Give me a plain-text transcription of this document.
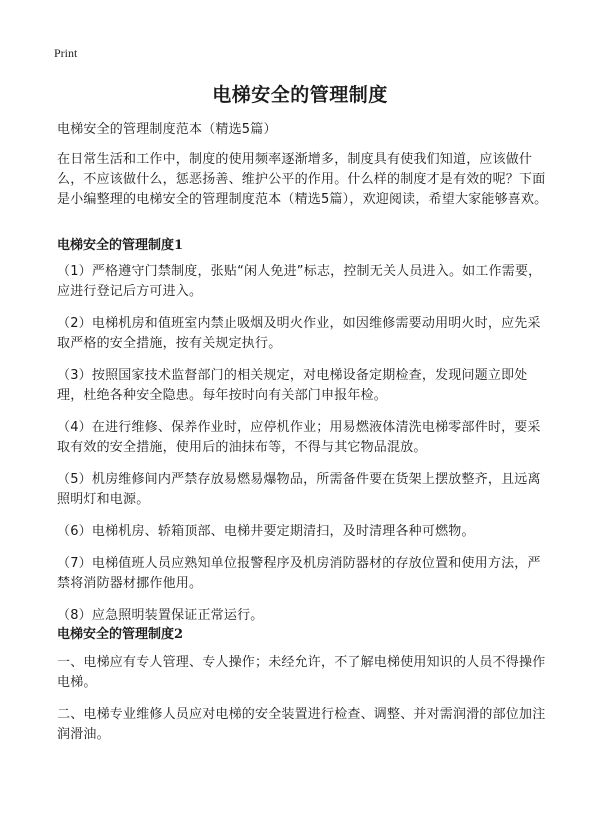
Print
电梯安全的管理制度
电梯安全的管理制度范本（精选5篇）
在日常生活和工作中，制度的使用频率逐渐增多，制度具有使我们知道，应该做什么，不应该做什么，惩恶扬善、维护公平的作用。什么样的制度才是有效的呢？下面是小编整理的电梯安全的管理制度范本（精选5篇），欢迎阅读，希望大家能够喜欢。
电梯安全的管理制度1
（1）严格遵守门禁制度，张贴“闲人免进”标志，控制无关人员进入。如工作需要，应进行登记后方可进入。
（2）电梯机房和值班室内禁止吸烟及明火作业，如因维修需要动用明火时，应先采取严格的安全措施，按有关规定执行。
（3）按照国家技术监督部门的相关规定，对电梯设备定期检查，发现问题立即处理，杜绝各种安全隐患。每年按时向有关部门申报年检。
（4）在进行维修、保养作业时，应停机作业；用易燃液体清洗电梯零部件时，要采取有效的安全措施，使用后的油抹布等，不得与其它物品混放。
（5）机房维修间内严禁存放易燃易爆物品，所需备件要在货架上摆放整齐，且远离照明灯和电源。
（6）电梯机房、轿箱顶部、电梯井要定期清扫，及时清理各种可燃物。
（7）电梯值班人员应熟知单位报警程序及机房消防器材的存放位置和使用方法，严禁将消防器材挪作他用。
（8）应急照明装置保证正常运行。
电梯安全的管理制度2
一、电梯应有专人管理、专人操作；未经允许，不了解电梯使用知识的人员不得操作电梯。
二、电梯专业维修人员应对电梯的安全装置进行检查、调整、并对需润滑的部位加注润滑油。
